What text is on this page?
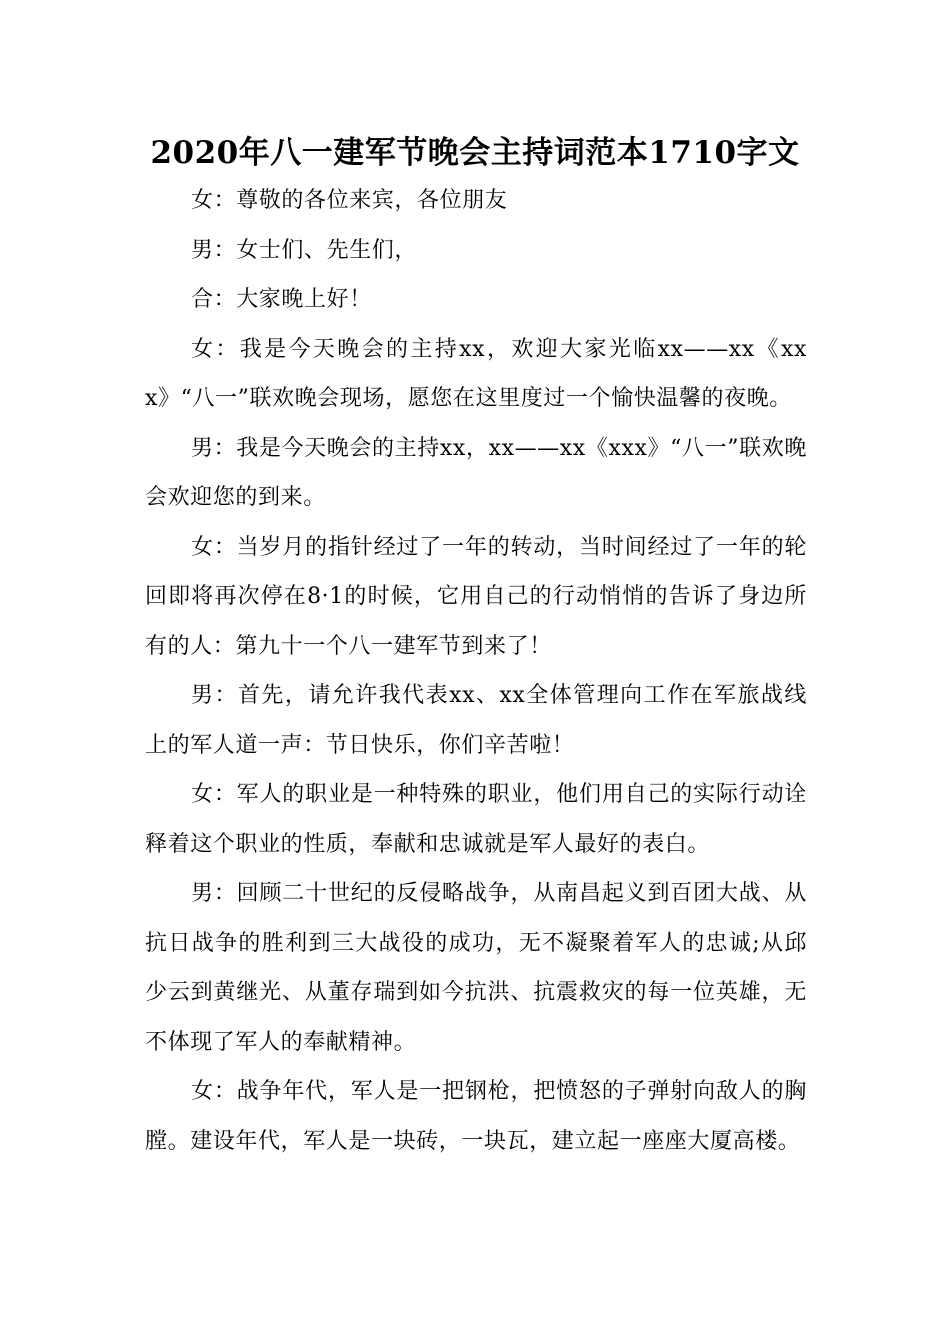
2020年八一建军节晚会主持词范本1710字文

女：尊敬的各位来宾，各位朋友

男：女士们、先生们，

合：大家晚上好！

女：我是今天晚会的主持xx，欢迎大家光临xx——xx《xxx》“八一”联欢晚会现场，愿您在这里度过一个愉快温馨的夜晚。

男：我是今天晚会的主持xx，xx——xx《xxx》“八一”联欢晚会欢迎您的到来。

女：当岁月的指针经过了一年的转动，当时间经过了一年的轮回即将再次停在8·1的时候，它用自己的行动悄悄的告诉了身边所有的人：第九十一个八一建军节到来了！

男：首先，请允许我代表xx、xx全体管理向工作在军旅战线上的军人道一声：节日快乐，你们辛苦啦！

女：军人的职业是一种特殊的职业，他们用自己的实际行动诠释着这个职业的性质，奉献和忠诚就是军人最好的表白。

男：回顾二十世纪的反侵略战争，从南昌起义到百团大战、从抗日战争的胜利到三大战役的成功，无不凝聚着军人的忠诚;从邱少云到黄继光、从董存瑞到如今抗洪、抗震救灾的每一位英雄，无不体现了军人的奉献精神。

女：战争年代，军人是一把钢枪，把愤怒的子弹射向敌人的胸膛。建设年代，军人是一块砖，一块瓦，建立起一座座大厦高楼。
